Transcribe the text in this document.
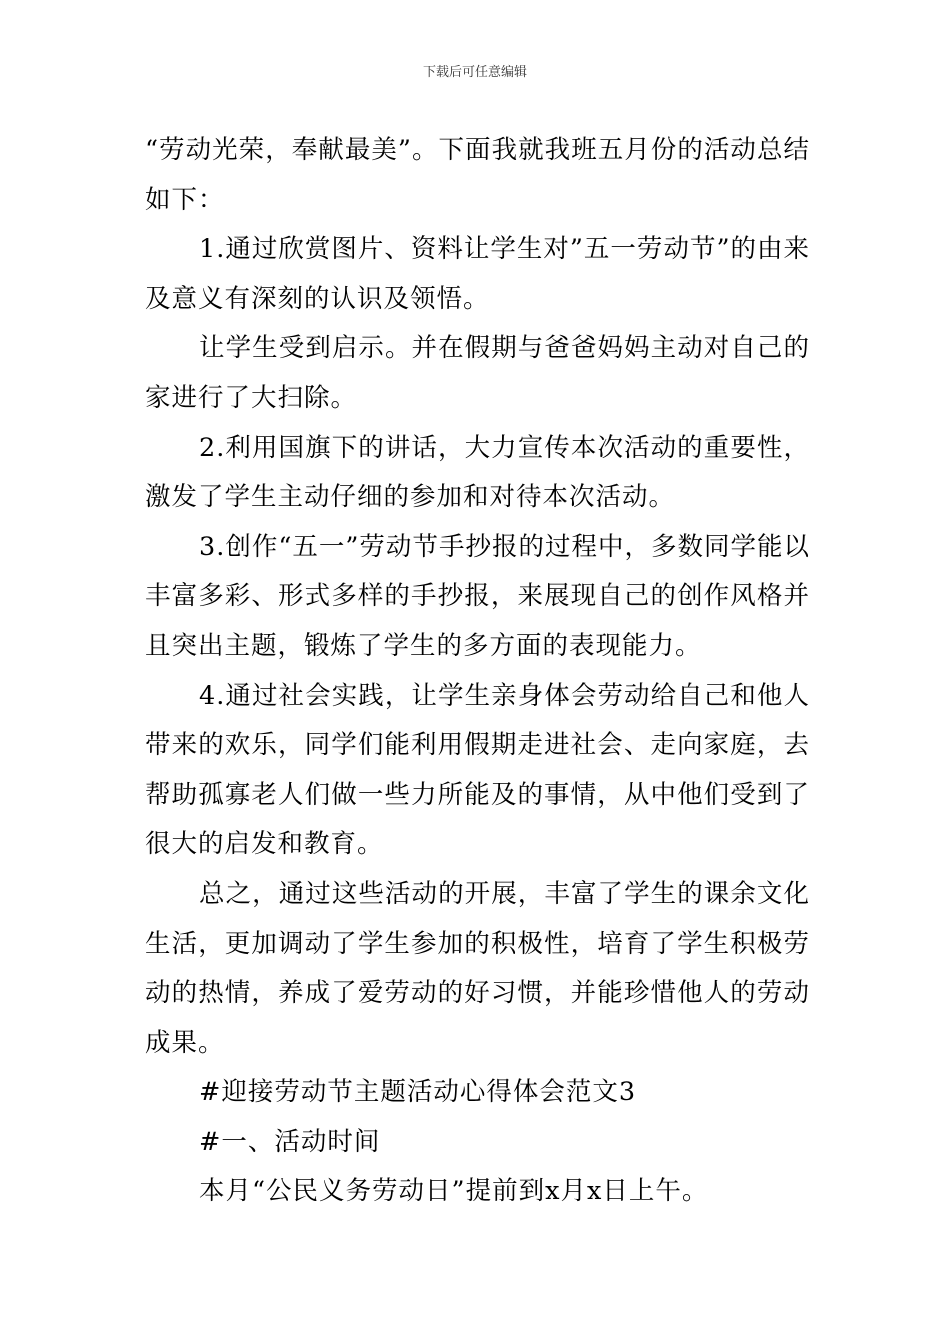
下载后可任意编辑

“劳动光荣，奉献最美”。下面我就我班五月份的活动总结如下：

1.通过欣赏图片、资料让学生对”五一劳动节”的由来及意义有深刻的认识及领悟。

让学生受到启示。并在假期与爸爸妈妈主动对自己的家进行了大扫除。

2.利用国旗下的讲话，大力宣传本次活动的重要性，激发了学生主动仔细的参加和对待本次活动。

3.创作“五一”劳动节手抄报的过程中，多数同学能以丰富多彩、形式多样的手抄报，来展现自己的创作风格并且突出主题，锻炼了学生的多方面的表现能力。

4.通过社会实践，让学生亲身体会劳动给自己和他人带来的欢乐，同学们能利用假期走进社会、走向家庭，去帮助孤寡老人们做一些力所能及的事情，从中他们受到了很大的启发和教育。

总之，通过这些活动的开展，丰富了学生的课余文化生活，更加调动了学生参加的积极性，培育了学生积极劳动的热情，养成了爱劳动的好习惯，并能珍惜他人的劳动成果。

#迎接劳动节主题活动心得体会范文3

#一、活动时间

本月“公民义务劳动日”提前到x月x日上午。
